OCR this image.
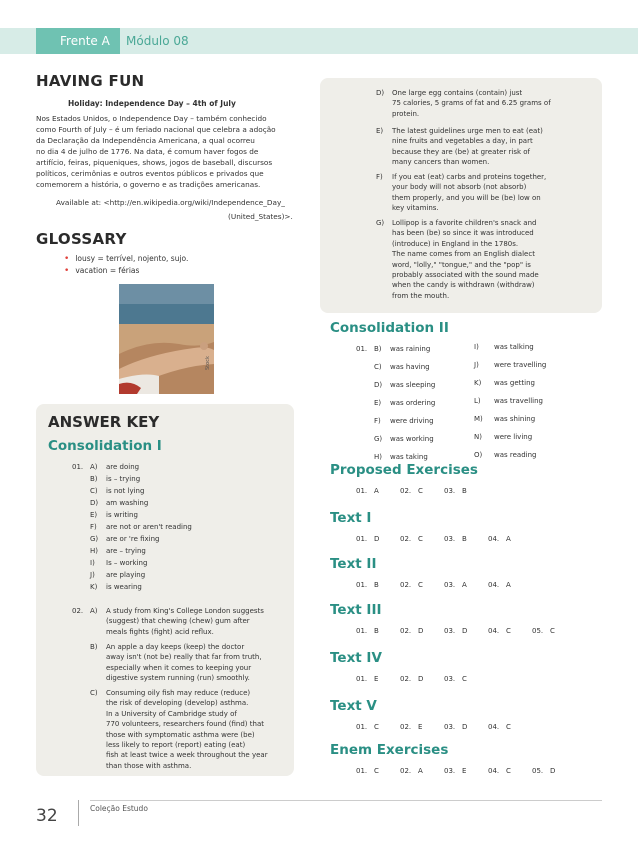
Frente A	Módulo 08
HAVING FUN
Holiday: Independence Day – 4th of July
Nos Estados Unidos, o Independence Day – também conhecido
como Fourth of July – é um feriado nacional que celebra a adoção
da Declaração da Independência Americana, a qual ocorreu
no dia 4 de julho de 1776. Na data, é comum haver fogos de
artifício, feiras, piqueniques, shows, jogos de baseball, discursos
políticos, cerimônias e outros eventos públicos e privados que
comemorem a história, o governo e as tradições americanas.
Available at: <http://en.wikipedia.org/wiki/Independence_Day_
(United_States)>.
GLOSSARY
• lousy = terrível, nojento, sujo.
• vacation = férias
Stock
ANSWER KEY
Consolidation I
01. A) are doing
B) is – trying
C) is not lying
D) am washing
E) is writing
F) are not or aren't reading
G) are or 're fixing
H) are – trying
I) Is – working
J) are playing
K) is wearing
02. A) A study from King's College London suggests
(suggest) that chewing (chew) gum after
meals fights (fight) acid reflux.
B) An apple a day keeps (keep) the doctor
away isn't (not be) really that far from truth,
especially when it comes to keeping your
digestive system running (run) smoothly.
C) Consuming oily fish may reduce (reduce)
the risk of developing (develop) asthma.
In a University of Cambridge study of
770 volunteers, researchers found (find) that
those with symptomatic asthma were (be)
less likely to report (report) eating (eat)
fish at least twice a week throughout the year
than those with asthma.
D) One large egg contains (contain) just
75 calories, 5 grams of fat and 6.25 grams of
protein.
E) The latest guidelines urge men to eat (eat)
nine fruits and vegetables a day, in part
because they are (be) at greater risk of
many cancers than women.
F) If you eat (eat) carbs and proteins together,
your body will not absorb (not absorb)
them properly, and you will be (be) low on
key vitamins.
G) Lollipop is a favorite children's snack and
has been (be) so since it was introduced
(introduce) in England in the 1780s.
The name comes from an English dialect
word, "lolly," "tongue," and the "pop" is
probably associated with the sound made
when the candy is withdrawn (withdraw)
from the mouth.
Consolidation II
01. B) was raining
C) was having
D) was sleeping
E) was ordering
F) were driving
G) was working
H) was taking
I) was talking
J) were travelling
K) was getting
L) was travelling
M) was shining
N) were living
O) was reading
Proposed Exercises
01. A	02. C	03. B
Text I
01. D	02. C	03. B	04. A
Text II
01. B	02. C	03. A	04. A
Text III
01. B	02. D	03. D	04. C	05. C
Text IV
01. E	02. D	03. C
Text V
01. C	02. E	03. D	04. C
Enem Exercises
01. C	02. A	03. E	04. C	05. D
32	Coleção Estudo
